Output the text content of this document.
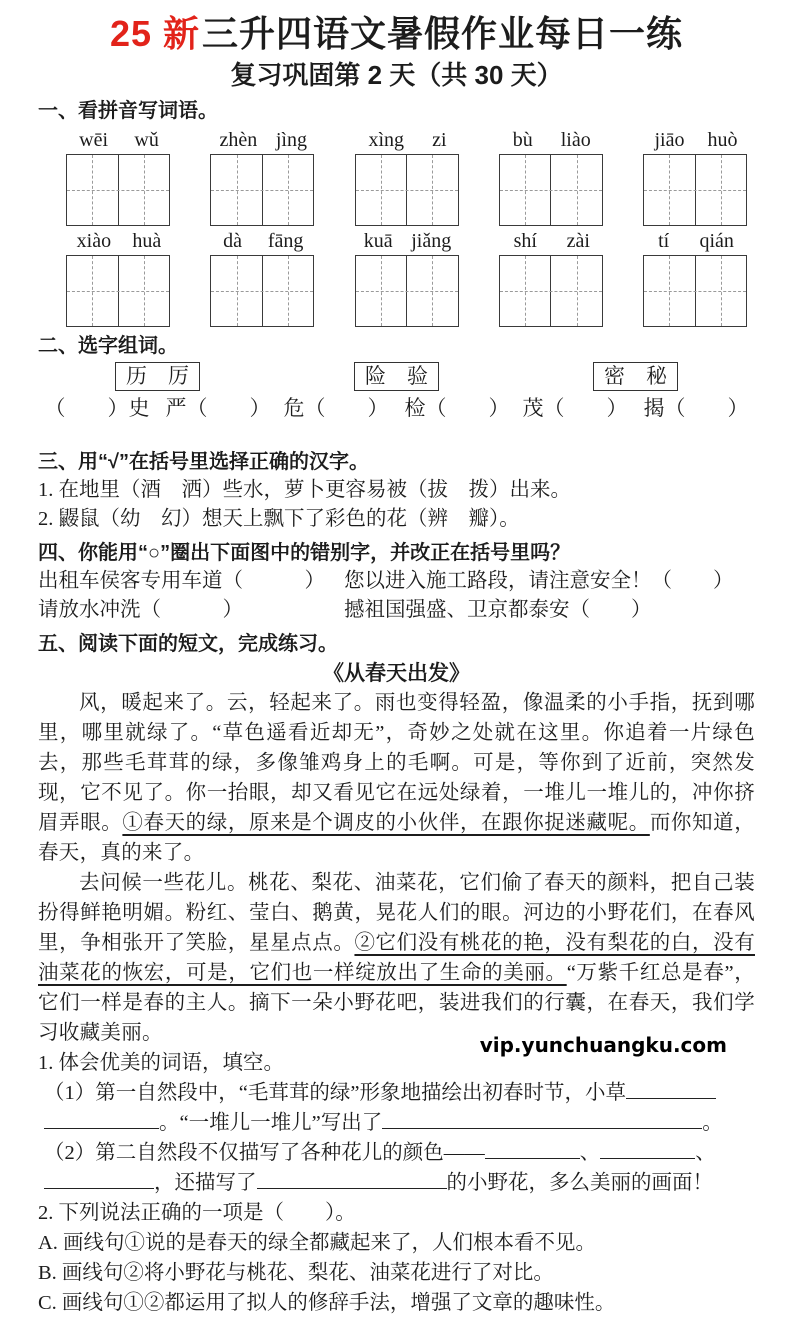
25 新三升四语文暑假作业每日一练
复习巩固第 2 天（共 30 天）
一、看拼音写词语。
wēi wǔ	zhèn jìng	xìng zi	bù liào	jiāo huò
xiào huà	dà fāng	kuā jiǎng	shí zài	tí qián
二、选字组词。
历　厉
（　　）史 严（　　）
险　验
危（　　） 检（　　）
密　秘
茂（　　） 揭（　　）
三、用“√”在括号里选择正确的汉字。
1. 在地里（酒　洒）些水，萝卜更容易被（拔　拨）出来。
2. 鼹鼠（幼　幻）想天上飘下了彩色的花（辨　瓣）。
四、你能用“○”圈出下面图中的错别字，并改正在括号里吗？
出租车侯客专用车道（　　　） 您以进入施工路段，请注意安全！（　　）
请放水冲洗（　　　）	撼祖国强盛、卫京都泰安（　　）
五、阅读下面的短文，完成练习。
《从春天出发》

风，暖起来了。云，轻起来了。雨也变得轻盈，像温柔的小手指，抚到哪里，哪里就绿了。“草色遥看近却无”，奇妙之处就在这里。你追着一片绿色去，那些毛茸茸的绿，多像雏鸡身上的毛啊。可是，等你到了近前，突然发现，它不见了。你一抬眼，却又看见它在远处绿着，一堆儿一堆儿的，冲你挤眉弄眼。①春天的绿，原来是个调皮的小伙伴，在跟你捉迷藏呢。而你知道，春天，真的来了。

去问候一些花儿。桃花、梨花、油菜花，它们偷了春天的颜料，把自己装扮得鲜艳明媚。粉红、莹白、鹅黄，晃花人们的眼。河边的小野花们，在春风里，争相张开了笑脸，星星点点。②它们没有桃花的艳，没有梨花的白，没有油菜花的恢宏，可是，它们也一样绽放出了生命的美丽。“万紫千红总是春”，它们一样是春的主人。摘下一朵小野花吧，装进我们的行囊，在春天，我们学习收藏美丽。

1. 体会优美的词语，填空。
（1）第一自然段中，“毛茸茸的绿”形象地描绘出初春时节，小草。“一堆儿一堆儿”写出了	。
（2）第二自然段不仅描写了各种花儿的颜色——	、	、，还描写了	的小野花，多么美丽的画面！
2. 下列说法正确的一项是（　　）。
A. 画线句①说的是春天的绿全都藏起来了，人们根本看不见。
B. 画线句②将小野花与桃花、梨花、油菜花进行了对比。
C. 画线句①②都运用了拟人的修辞手法，增强了文章的趣味性。
vip.yunchuangku.com
